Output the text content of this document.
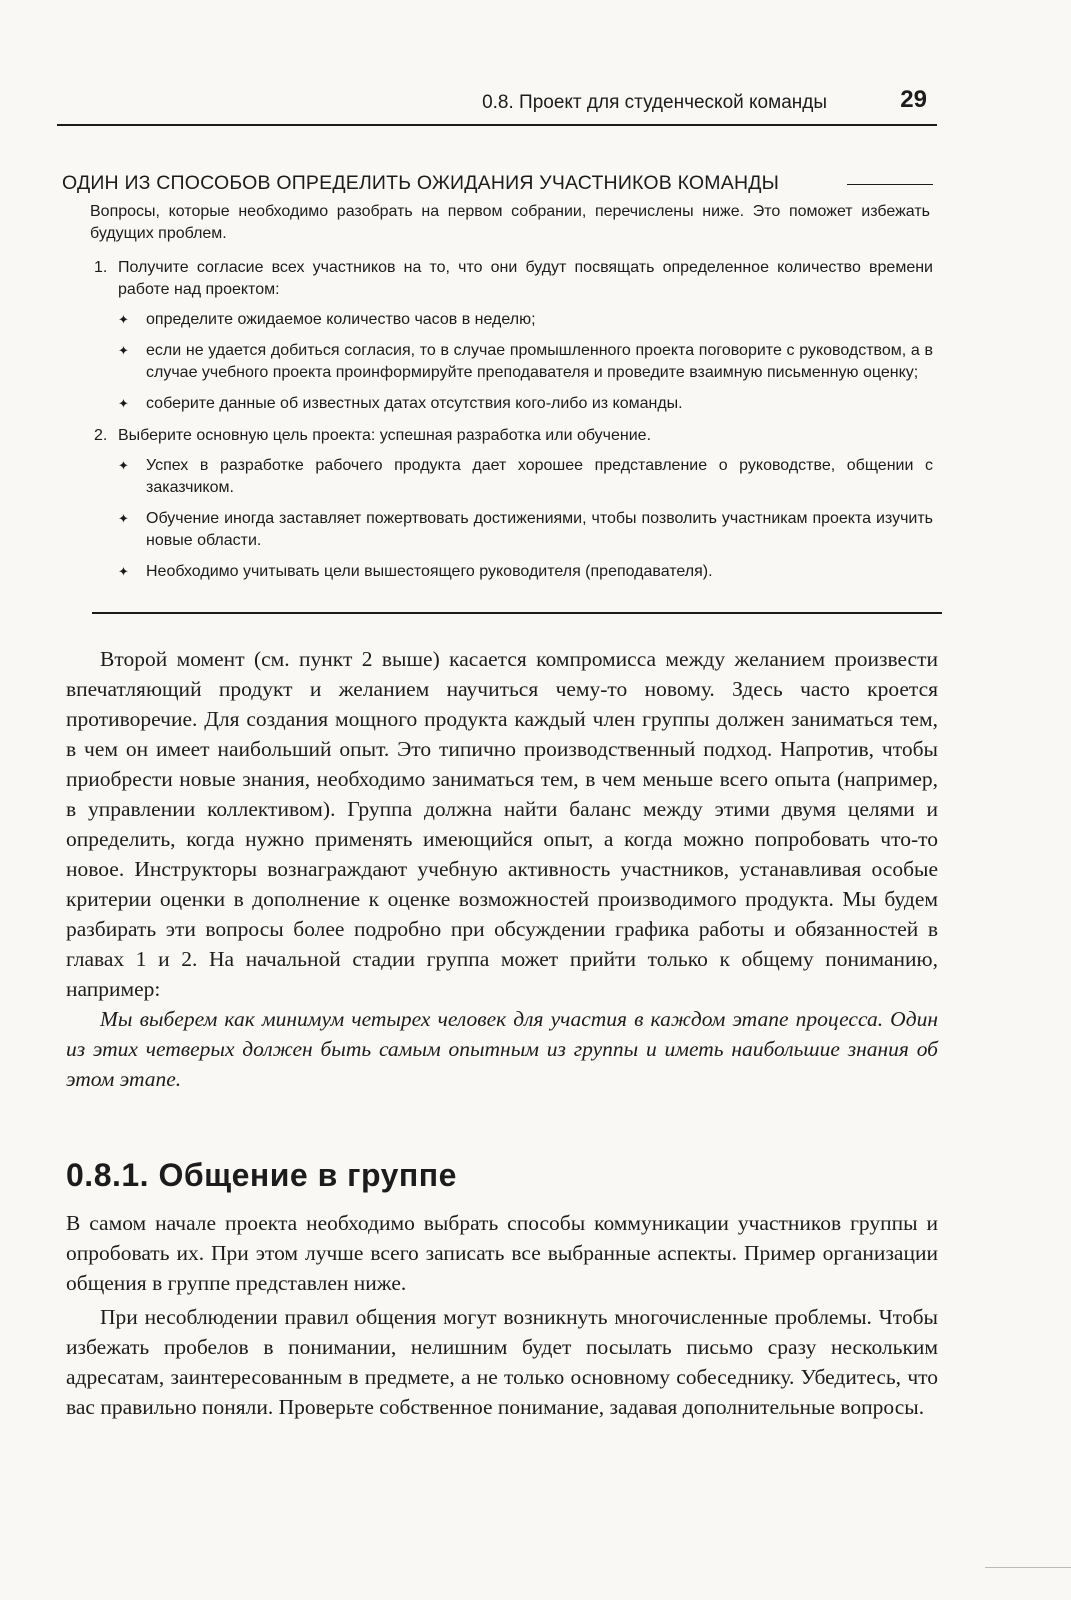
0.8. Проект для студенческой команды	29
ОДИН ИЗ СПОСОБОВ ОПРЕДЕЛИТЬ ОЖИДАНИЯ УЧАСТНИКОВ КОМАНДЫ

Вопросы, которые необходимо разобрать на первом собрании, перечислены ниже. Это поможет избежать будущих проблем.

1. Получите согласие всех участников на то, что они будут посвящать определенное количество времени работе над проектом:
✦ определите ожидаемое количество часов в неделю;
✦ если не удается добиться согласия, то в случае промышленного проекта поговорите с руководством, а в случае учебного проекта проинформируйте преподавателя и проведите взаимную письменную оценку;
✦ соберите данные об известных датах отсутствия кого-либо из команды.
2. Выберите основную цель проекта: успешная разработка или обучение.
✦ Успех в разработке рабочего продукта дает хорошее представление о руководстве, общении с заказчиком.
✦ Обучение иногда заставляет пожертвовать достижениями, чтобы позволить участникам проекта изучить новые области.
✦ Необходимо учитывать цели вышестоящего руководителя (преподавателя).

Второй момент (см. пункт 2 выше) касается компромисса между желанием произвести впечатляющий продукт и желанием научиться чему-то новому. Здесь часто кроется противоречие. Для создания мощного продукта каждый член группы должен заниматься тем, в чем он имеет наибольший опыт. Это типично производственный подход. Напротив, чтобы приобрести новые знания, необходимо заниматься тем, в чем меньше всего опыта (например, в управлении коллективом). Группа должна найти баланс между этими двумя целями и определить, когда нужно применять имеющийся опыт, а когда можно попробовать что-то новое. Инструкторы вознаграждают учебную активность участников, устанавливая особые критерии оценки в дополнение к оценке возможностей производимого продукта. Мы будем разбирать эти вопросы более подробно при обсуждении графика работы и обязанностей в главах 1 и 2. На начальной стадии группа может прийти только к общему пониманию, например:

Мы выберем как минимум четырех человек для участия в каждом этапе процесса. Один из этих четверых должен быть самым опытным из группы и иметь наибольшие знания об этом этапе.

0.8.1. Общение в группе

В самом начале проекта необходимо выбрать способы коммуникации участников группы и опробовать их. При этом лучше всего записать все выбранные аспекты. Пример организации общения в группе представлен ниже.

При несоблюдении правил общения могут возникнуть многочисленные проблемы. Чтобы избежать пробелов в понимании, нелишним будет посылать письмо сразу нескольким адресатам, заинтересованным в предмете, а не только основному собеседнику. Убедитесь, что вас правильно поняли. Проверьте собственное понимание, задавая дополнительные вопросы.
